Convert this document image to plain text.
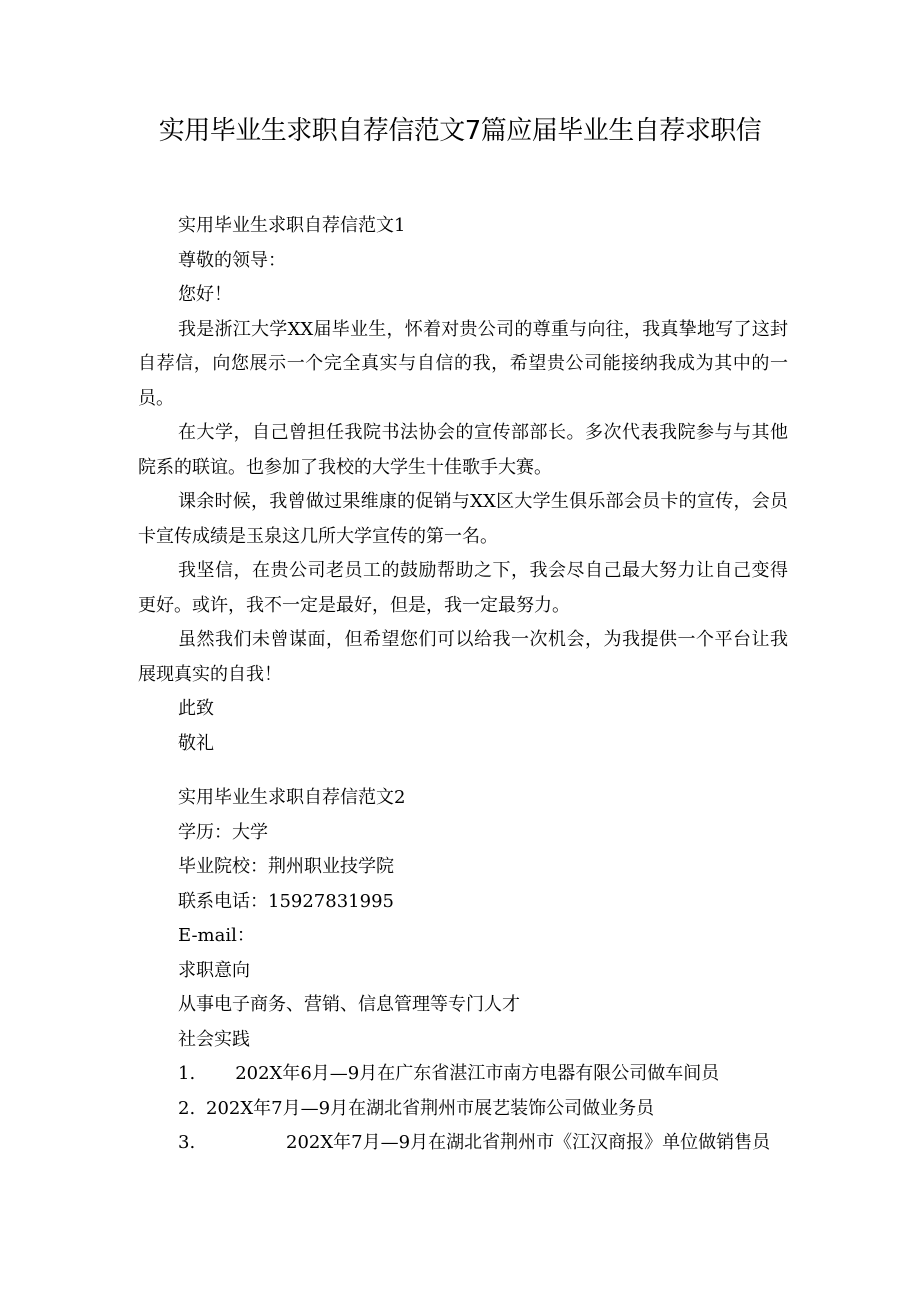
实用毕业生求职自荐信范文7篇应届毕业生自荐求职信

实用毕业生求职自荐信范文1

尊敬的领导：

您好！

我是浙江大学XX届毕业生，怀着对贵公司的尊重与向往，我真挚地写了这封自荐信，向您展示一个完全真实与自信的我，希望贵公司能接纳我成为其中的一员。

在大学，自己曾担任我院书法协会的宣传部部长。多次代表我院参与与其他院系的联谊。也参加了我校的大学生十佳歌手大赛。

课余时候，我曾做过果维康的促销与XX区大学生俱乐部会员卡的宣传，会员卡宣传成绩是玉泉这几所大学宣传的第一名。

我坚信，在贵公司老员工的鼓励帮助之下，我会尽自己最大努力让自己变得更好。或许，我不一定是最好，但是，我一定最努力。

虽然我们未曾谋面，但希望您们可以给我一次机会，为我提供一个平台让我展现真实的自我！

此致

敬礼

实用毕业生求职自荐信范文2

学历：大学

毕业院校：荆州职业技学院

联系电话：15927831995

E-mail：

求职意向

从事电子商务、营销、信息管理等专门人才

社会实践

1.	202X年6月—9月在广东省湛江市南方电器有限公司做车间员

2. 202X年7月—9月在湖北省荆州市展艺装饰公司做业务员

3.	202X年7月—9月在湖北省荆州市《江汉商报》单位做销售员
